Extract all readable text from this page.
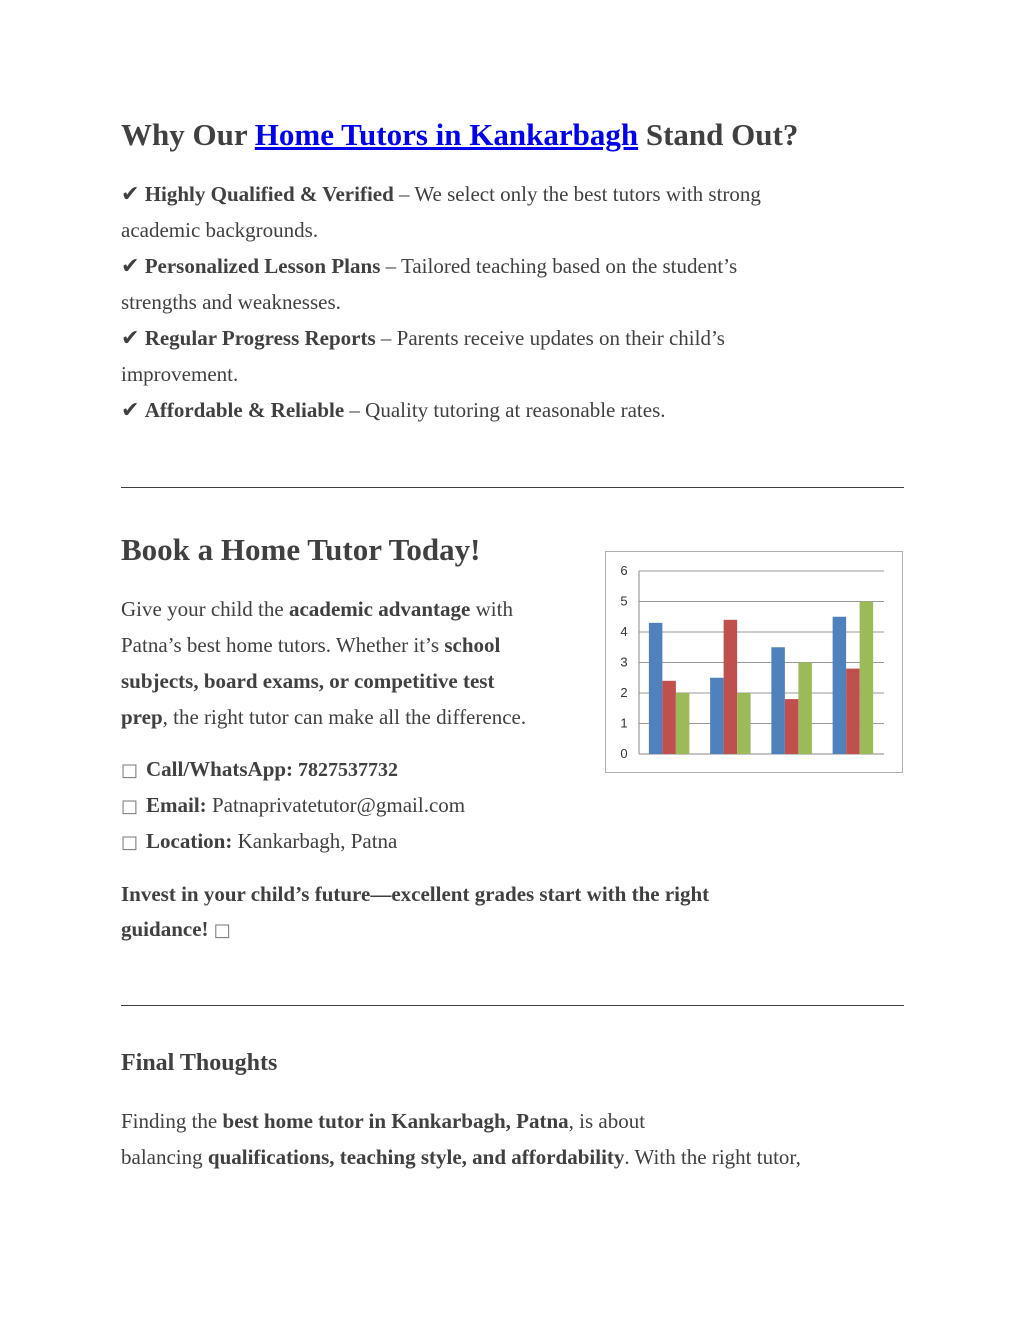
Why Our Home Tutors in Kankarbagh Stand Out?
✔ Highly Qualified & Verified – We select only the best tutors with strong
academic backgrounds.
✔ Personalized Lesson Plans – Tailored teaching based on the student’s
strengths and weaknesses.
✔ Regular Progress Reports – Parents receive updates on their child’s
improvement.
✔ Affordable & Reliable – Quality tutoring at reasonable rates.
Book a Home Tutor Today!
Give your child the academic advantage with
Patna’s best home tutors. Whether it’s school
subjects, board exams, or competitive test
prep, the right tutor can make all the difference.
□ Call/WhatsApp: 7827537732
□ Email: Patnaprivatetutor@gmail.com
□ Location: Kankarbagh, Patna
Invest in your child’s future—excellent grades start with the right
guidance! □
0
1
2
3
4
5
6
Final Thoughts
Finding the best home tutor in Kankarbagh, Patna, is about
balancing qualifications, teaching style, and affordability. With the right tutor,
